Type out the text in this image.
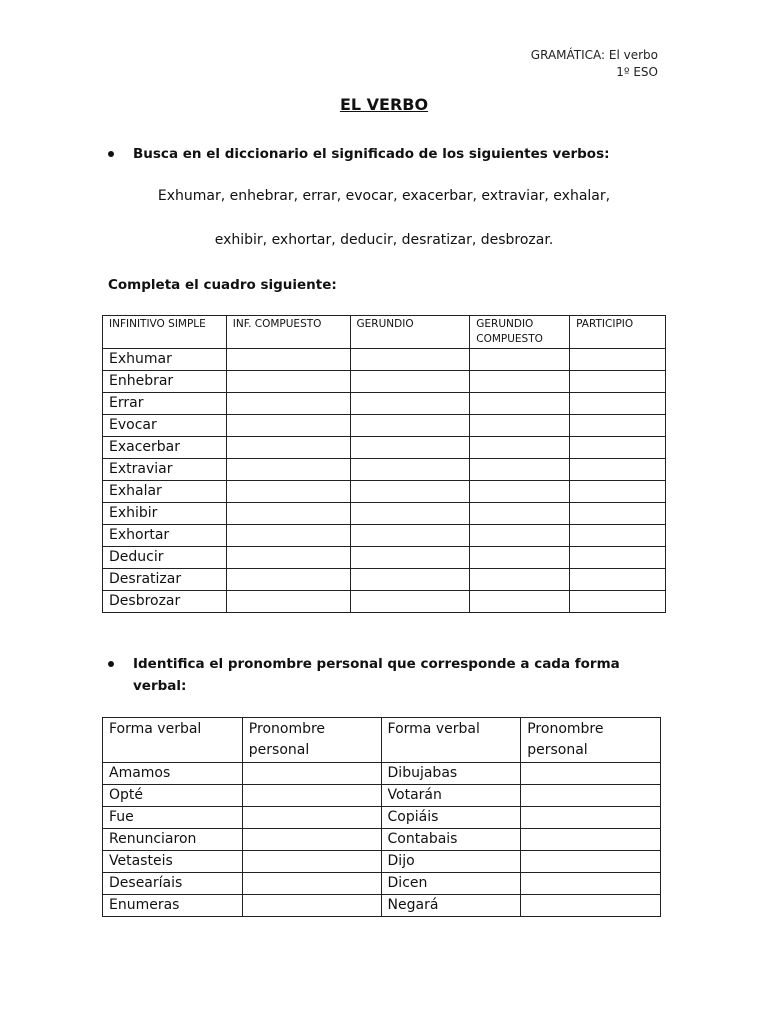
GRAMÁTICA: El verbo
1º ESO
EL VERBO
Busca en el diccionario el significado de los siguientes verbos:
Exhumar, enhebrar, errar, evocar, exacerbar, extraviar, exhalar,
exhibir, exhortar, deducir, desratizar, desbrozar.
Completa el cuadro siguiente:
INFINITIVO SIMPLE	INF. COMPUESTO	GERUNDIO	GERUNDIO COMPUESTO	PARTICIPIO
Exhumar				
Enhebrar				
Errar				
Evocar				
Exacerbar				
Extraviar				
Exhalar				
Exhibir				
Exhortar				
Deducir				
Desratizar				
Desbrozar				
Identifica el pronombre personal que corresponde a cada forma
verbal:
Forma verbal	Pronombre personal	Forma verbal	Pronombre personal
Amamos		Dibujabas	
Opté		Votarán	
Fue		Copiáis	
Renunciaron		Contabais	
Vetasteis		Dijo	
Desearíais		Dicen	
Enumeras		Negará	
